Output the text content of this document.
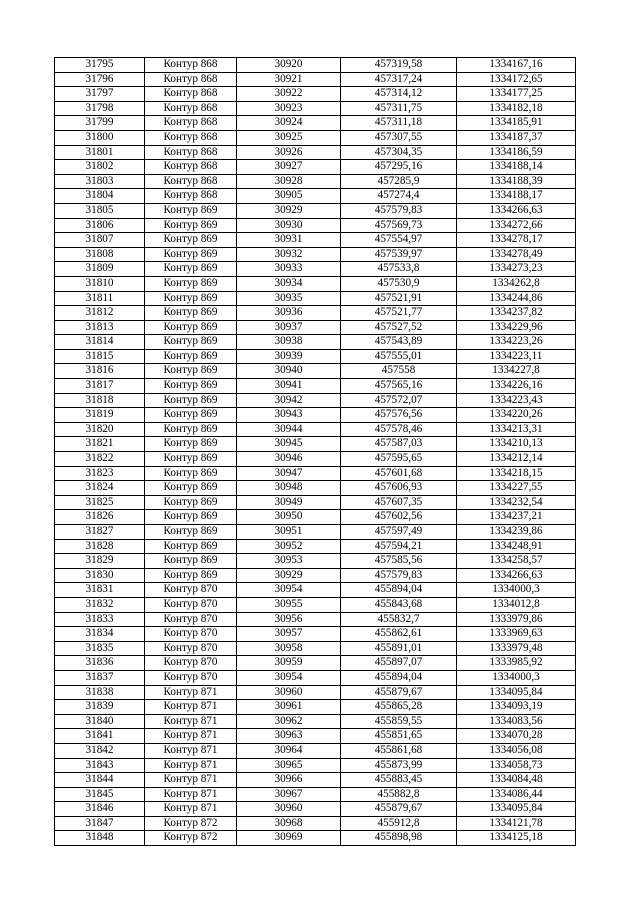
31795	Контур 868	30920	457319,58	1334167,16
31796	Контур 868	30921	457317,24	1334172,65
31797	Контур 868	30922	457314,12	1334177,25
31798	Контур 868	30923	457311,75	1334182,18
31799	Контур 868	30924	457311,18	1334185,91
31800	Контур 868	30925	457307,55	1334187,37
31801	Контур 868	30926	457304,35	1334186,59
31802	Контур 868	30927	457295,16	1334188,14
31803	Контур 868	30928	457285,9	1334188,39
31804	Контур 868	30905	457274,4	1334188,17
31805	Контур 869	30929	457579,83	1334266,63
31806	Контур 869	30930	457569,73	1334272,66
31807	Контур 869	30931	457554,97	1334278,17
31808	Контур 869	30932	457539,97	1334278,49
31809	Контур 869	30933	457533,8	1334273,23
31810	Контур 869	30934	457530,9	1334262,8
31811	Контур 869	30935	457521,91	1334244,86
31812	Контур 869	30936	457521,77	1334237,82
31813	Контур 869	30937	457527,52	1334229,96
31814	Контур 869	30938	457543,89	1334223,26
31815	Контур 869	30939	457555,01	1334223,11
31816	Контур 869	30940	457558	1334227,8
31817	Контур 869	30941	457565,16	1334226,16
31818	Контур 869	30942	457572,07	1334223,43
31819	Контур 869	30943	457576,56	1334220,26
31820	Контур 869	30944	457578,46	1334213,31
31821	Контур 869	30945	457587,03	1334210,13
31822	Контур 869	30946	457595,65	1334212,14
31823	Контур 869	30947	457601,68	1334218,15
31824	Контур 869	30948	457606,93	1334227,55
31825	Контур 869	30949	457607,35	1334232,54
31826	Контур 869	30950	457602,56	1334237,21
31827	Контур 869	30951	457597,49	1334239,86
31828	Контур 869	30952	457594,21	1334248,91
31829	Контур 869	30953	457585,56	1334258,57
31830	Контур 869	30929	457579,83	1334266,63
31831	Контур 870	30954	455894,04	1334000,3
31832	Контур 870	30955	455843,68	1334012,8
31833	Контур 870	30956	455832,7	1333979,86
31834	Контур 870	30957	455862,61	1333969,63
31835	Контур 870	30958	455891,01	1333979,48
31836	Контур 870	30959	455897,07	1333985,92
31837	Контур 870	30954	455894,04	1334000,3
31838	Контур 871	30960	455879,67	1334095,84
31839	Контур 871	30961	455865,28	1334093,19
31840	Контур 871	30962	455859,55	1334083,56
31841	Контур 871	30963	455851,65	1334070,28
31842	Контур 871	30964	455861,68	1334056,08
31843	Контур 871	30965	455873,99	1334058,73
31844	Контур 871	30966	455883,45	1334084,48
31845	Контур 871	30967	455882,8	1334086,44
31846	Контур 871	30960	455879,67	1334095,84
31847	Контур 872	30968	455912,8	1334121,78
31848	Контур 872	30969	455898,98	1334125,18
